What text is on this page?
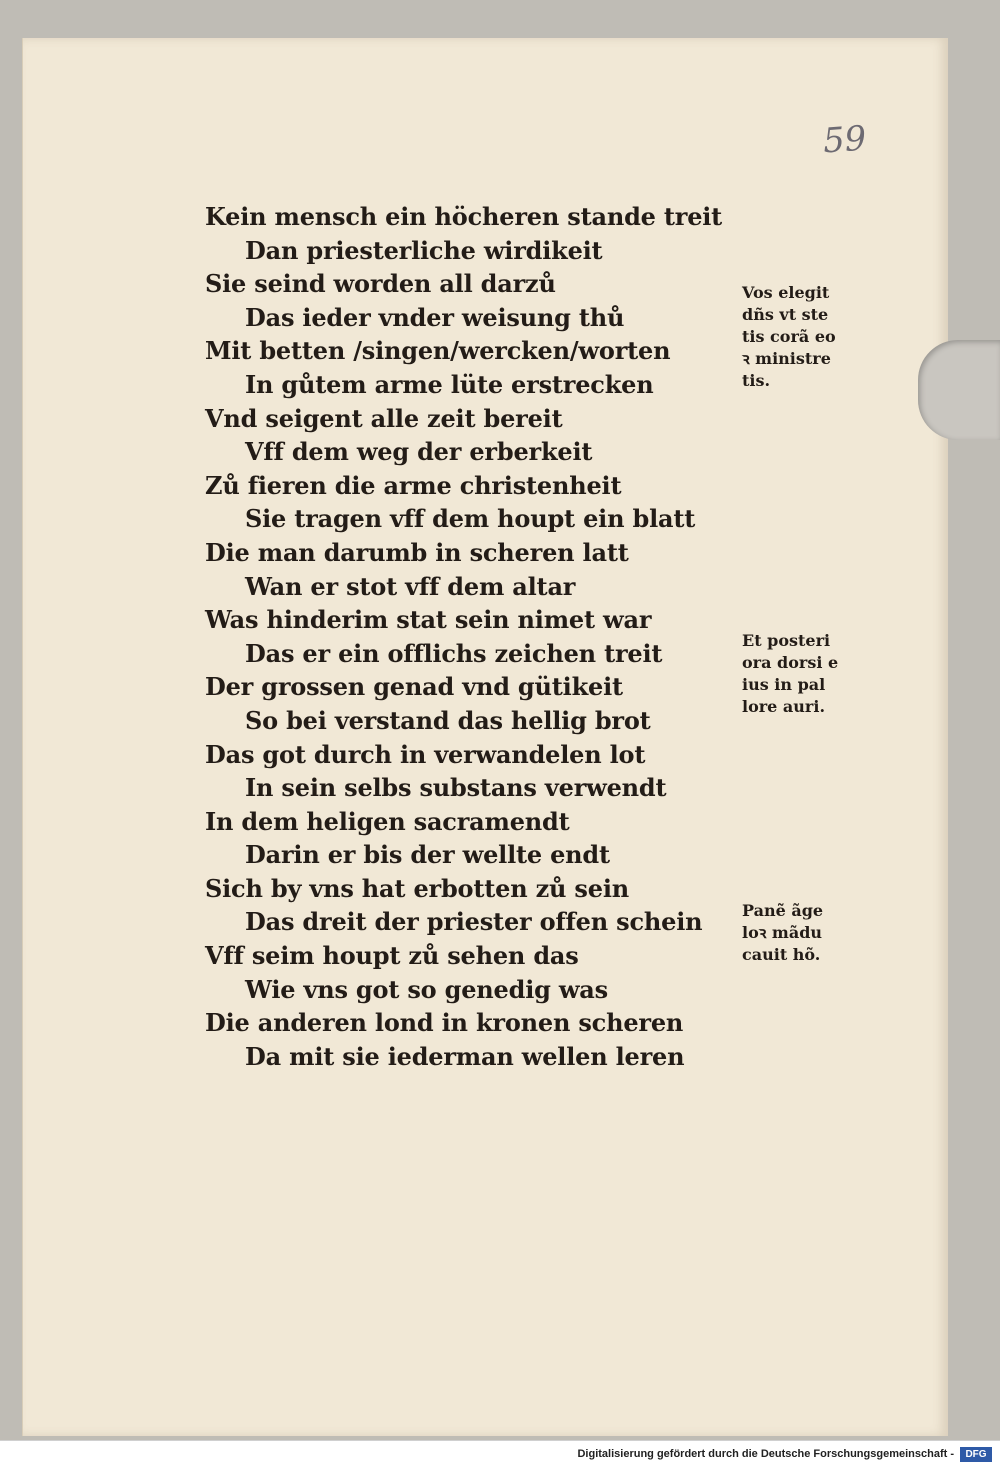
59
Kein mensch ein höcheren stande treit
Dan priesterliche wirdikeit
Sie seind worden all darzů
Das ieder vnder weisung thů
Mit betten /singen/wercken/worten
In gůtem arme lüte erstrecken
Vnd seigent alle zeit bereit
Vff dem weg der erberkeit
Zů fieren die arme christenheit
Sie tragen vff dem houpt ein blatt
Die man darumb in scheren latt
Wan er stot vff dem altar
Was hinderim stat sein nimet war
Das er ein offlichs zeichen treit
Der grossen genad vnd gütikeit
So bei verstand das hellig brot
Das got durch in verwandelen lot
In sein selbs substans verwendt
In dem heligen sacramendt
Darin er bis der wellte endt
Sich by vns hat erbotten zů sein
Das dreit der priester offen schein
Vff seim houpt zů sehen das
Wie vns got so genedig was
Die anderen lond in kronen scheren
Da mit sie iederman wellen leren
Vos elegit
dñs vt ste
tis corã eo
ꝛ ministre
tis.
Et posteri
ora dorsi e
ius in pal
lore auri.
Panẽ ãge
loꝛ mãdu
cauit hõ.
Digitalisierung gefördert durch die Deutsche Forschungsgemeinschaft -	DFG
